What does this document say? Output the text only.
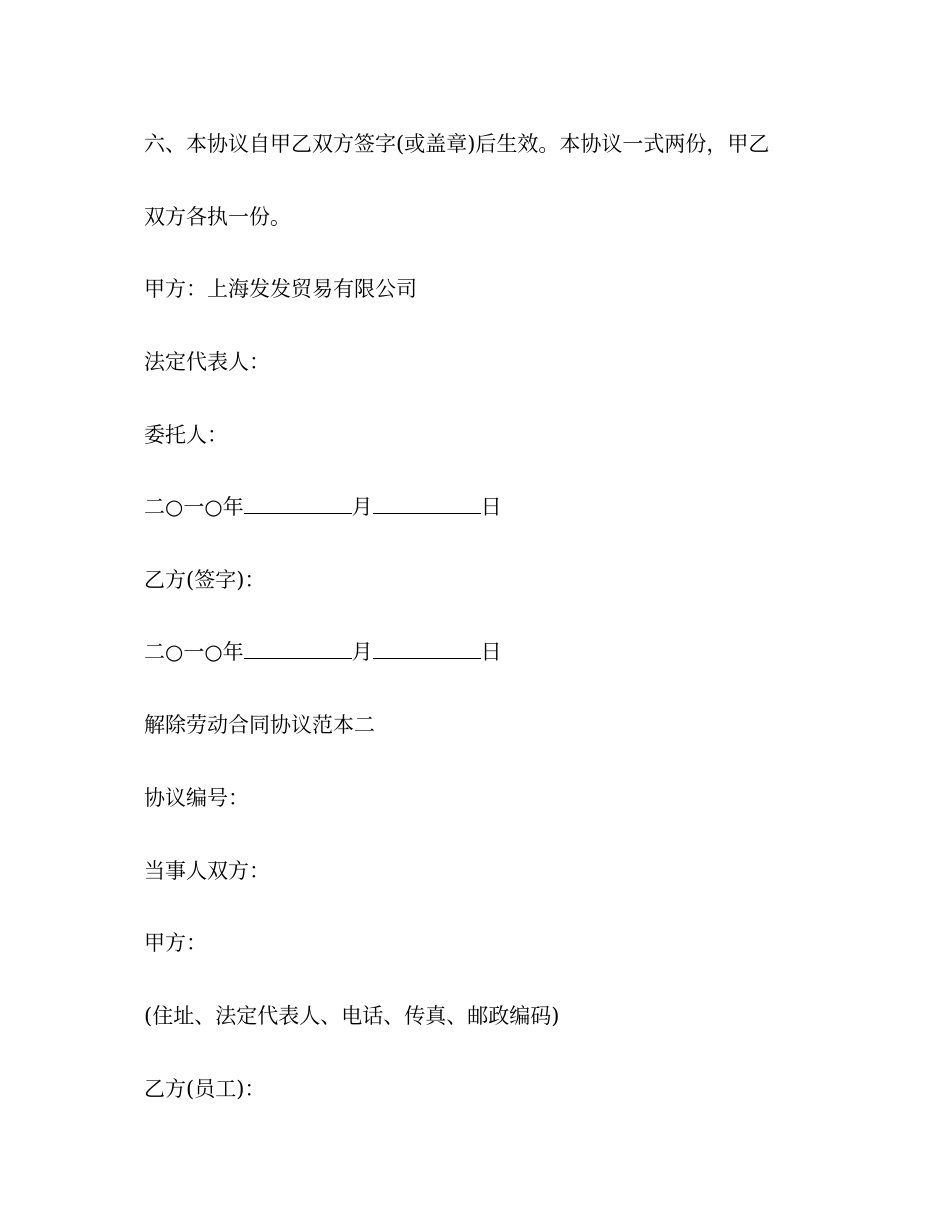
六、本协议自甲乙双方签字(或盖章)后生效。本协议一式两份，甲乙
双方各执一份。
甲方：上海发发贸易有限公司
法定代表人：
委托人：
二○一○年	月	日
乙方(签字)：
二○一○年	月	日
解除劳动合同协议范本二
协议编号：
当事人双方：
甲方：
(住址、法定代表人、电话、传真、邮政编码)
乙方(员工)：
